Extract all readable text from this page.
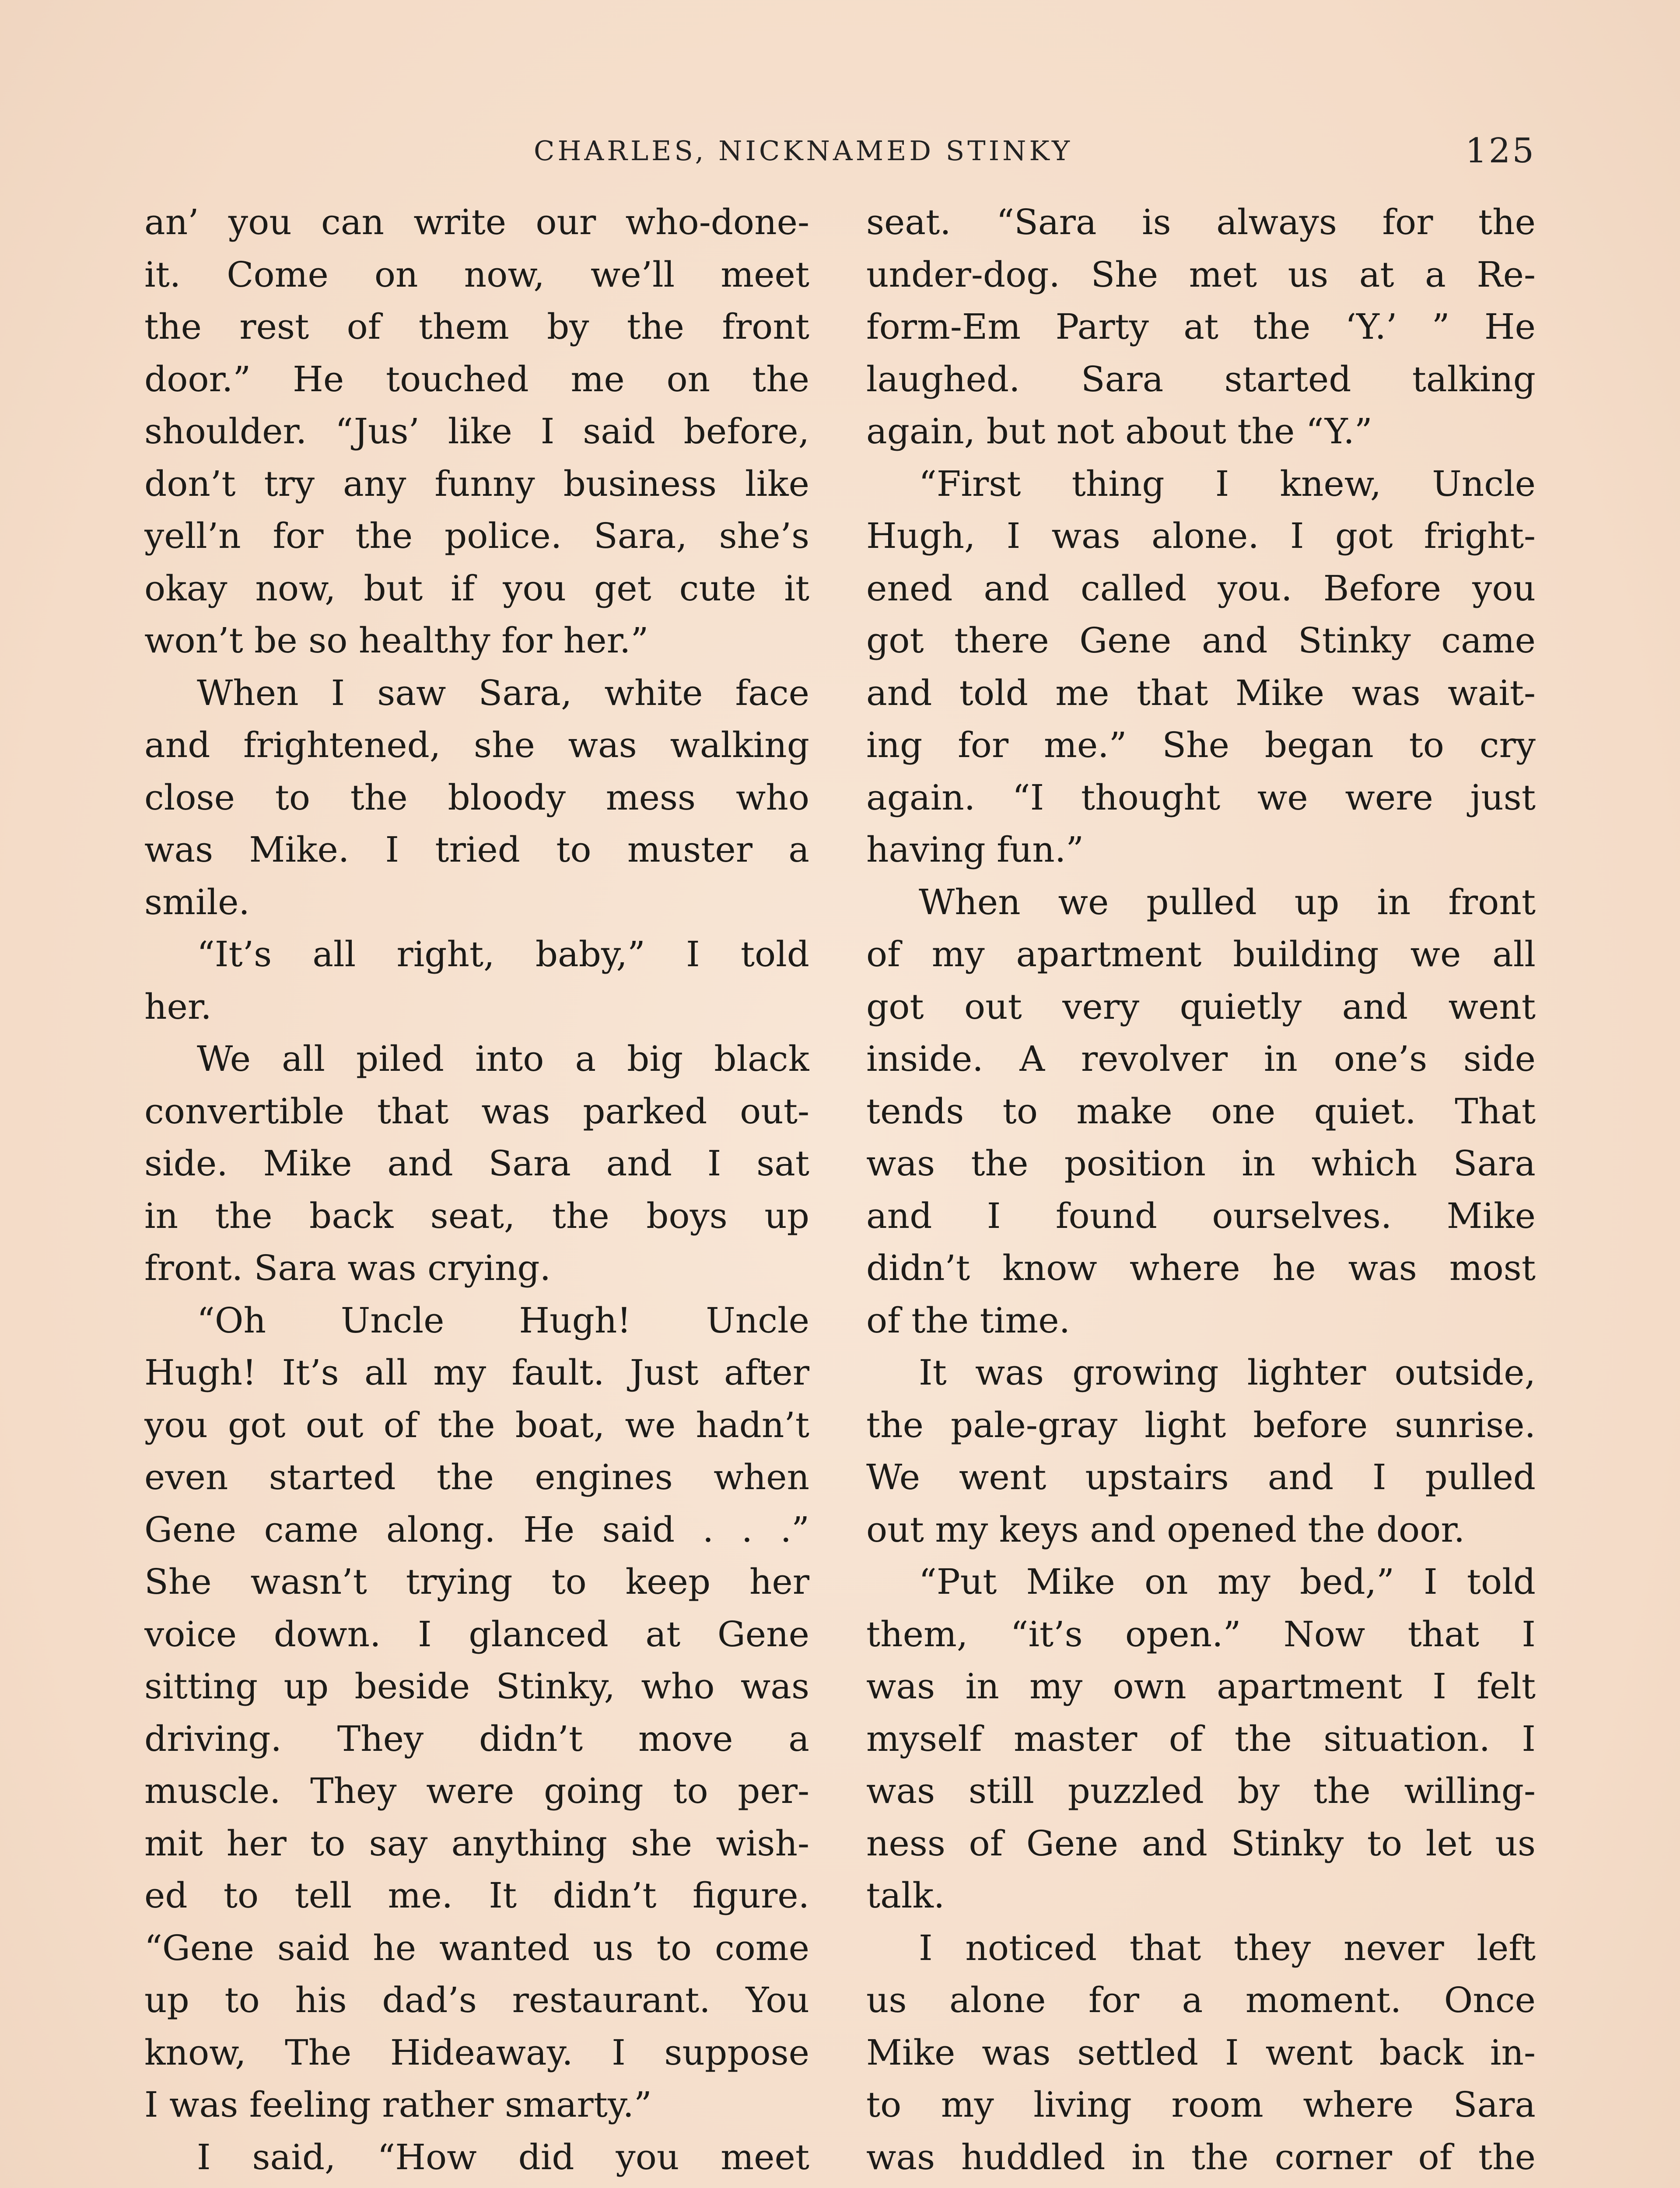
CHARLES, NICKNAMED STINKY	125
an’ you can write our who-done-
it. Come on now, we’ll meet
the rest of them by the front
door.” He touched me on the
shoulder. “Jus’ like I said before,
don’t try any funny business like
yell’n for the police. Sara, she’s
okay now, but if you get cute it
won’t be so healthy for her.”
When I saw Sara, white face
and frightened, she was walking
close to the bloody mess who
was Mike. I tried to muster a
smile.
“It’s all right, baby,” I told
her.
We all piled into a big black
convertible that was parked out-
side. Mike and Sara and I sat
in the back seat, the boys up
front. Sara was crying.
“Oh Uncle Hugh! Uncle
Hugh! It’s all my fault. Just after
you got out of the boat, we hadn’t
even started the engines when
Gene came along. He said . . .”
She wasn’t trying to keep her
voice down. I glanced at Gene
sitting up beside Stinky, who was
driving. They didn’t move a
muscle. They were going to per-
mit her to say anything she wish-
ed to tell me. It didn’t figure.
“Gene said he wanted us to come
up to his dad’s restaurant. You
know, The Hideaway. I suppose
I was feeling rather smarty.”
I said, “How did you meet
seat. “Sara is always for the
under-dog. She met us at a Re-
form-Em Party at the ‘Y.’ ” He
laughed. Sara started talking
again, but not about the “Y.”
“First thing I knew, Uncle
Hugh, I was alone. I got fright-
ened and called you. Before you
got there Gene and Stinky came
and told me that Mike was wait-
ing for me.” She began to cry
again. “I thought we were just
having fun.”
When we pulled up in front
of my apartment building we all
got out very quietly and went
inside. A revolver in one’s side
tends to make one quiet. That
was the position in which Sara
and I found ourselves. Mike
didn’t know where he was most
of the time.
It was growing lighter outside,
the pale-gray light before sunrise.
We went upstairs and I pulled
out my keys and opened the door.
“Put Mike on my bed,” I told
them, “it’s open.” Now that I
was in my own apartment I felt
myself master of the situation. I
was still puzzled by the willing-
ness of Gene and Stinky to let us
talk.
I noticed that they never left
us alone for a moment. Once
Mike was settled I went back in-
to my living room where Sara
was huddled in the corner of the
